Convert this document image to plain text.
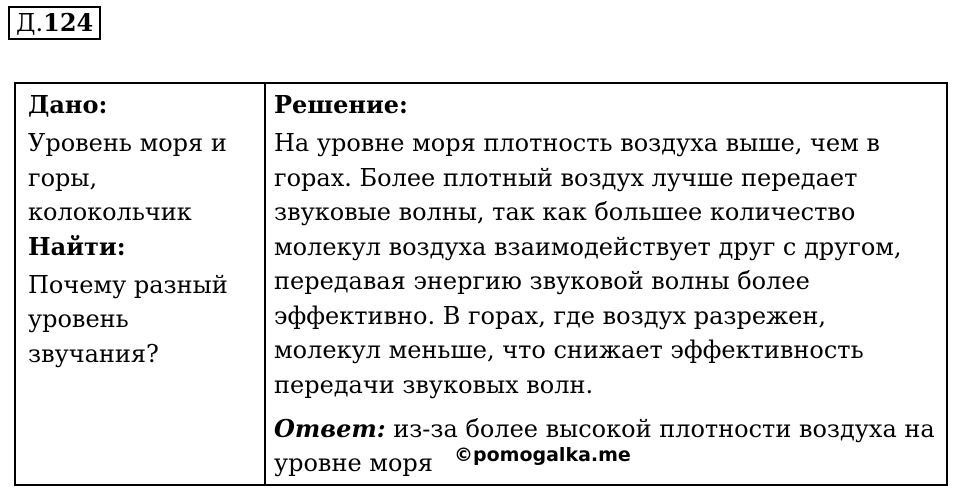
Д. 124
Дано:

Уровень моря и горы, колокольчик

Найти:

Почему разный уровень звучания?

Решение:

На уровне моря плотность воздуха выше, чем в горах. Более плотный воздух лучше передает звуковые волны, так как большее количество молекул воздуха взаимодействует друг с другом, передавая энергию звуковой волны более эффективно. В горах, где воздух разрежен, молекул меньше, что снижает эффективность передачи звуковых волн.

Ответ: из-за более высокой плотности воздуха на уровне моря	©pomogalka.me
